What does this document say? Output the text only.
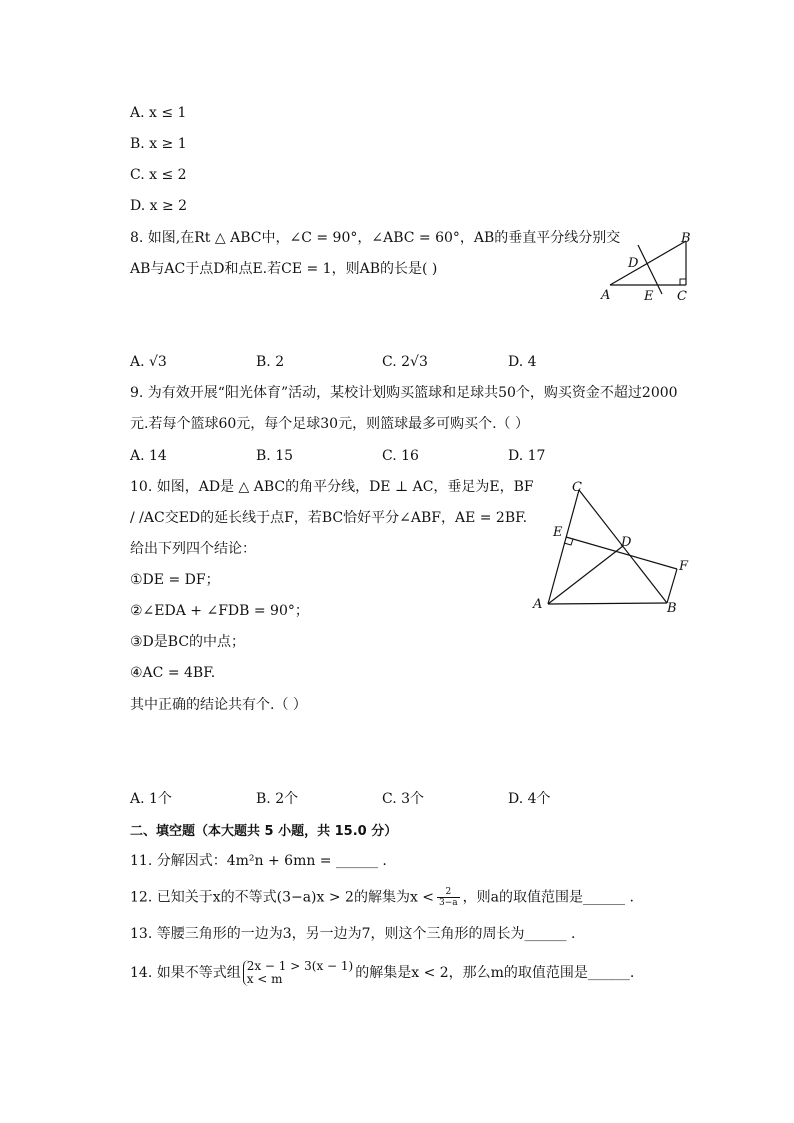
A. x ≤ 1
B. x ≥ 1
C. x ≤ 2
D. x ≥ 2
8. 如图,在Rt △ ABC中，∠C = 90°，∠ABC = 60°，AB的垂直平分线分别交
AB与AC于点D和点E.若CE = 1，则AB的长是( )
B
D
A	E C
A. √3	B. 2	C. 2√3	D. 4
9. 为有效开展“阳光体育”活动，某校计划购买篮球和足球共50个，购买资金不超过2000
元.若每个篮球60元，每个足球30元，则篮球最多可购买个.（ ）
A. 14	B. 15	C. 16	D. 17
10. 如图，AD是 △ ABC的角平分线，DE ⊥ AC，垂足为E，BF
/ /AC交ED的延长线于点F，若BC恰好平分∠ABF，AE = 2BF.
给出下列四个结论：
①DE = DF；
②∠EDA + ∠FDB = 90°；
③D是BC的中点；
④AC = 4BF.
其中正确的结论共有个.（ ）
C
E
D
F
A	B
A. 1个	B. 2个	C. 3个	D. 4个
二、填空题（本大题共 5 小题，共 15.0 分）
11. 分解因式：4m²n + 6mn = ______ .
12. 已知关于x的不等式(3−a)x > 2的解集为$x < \frac{2}{3-a}$ ，则a的取值范围是______ .
13. 等腰三角形的一边为3，另一边为7，则这个三角形的周长为______ .
14. 如果不等式组 2x − 1 > 3(x − 1)
x < m	的解集是x < 2，那么m的取值范围是______.
